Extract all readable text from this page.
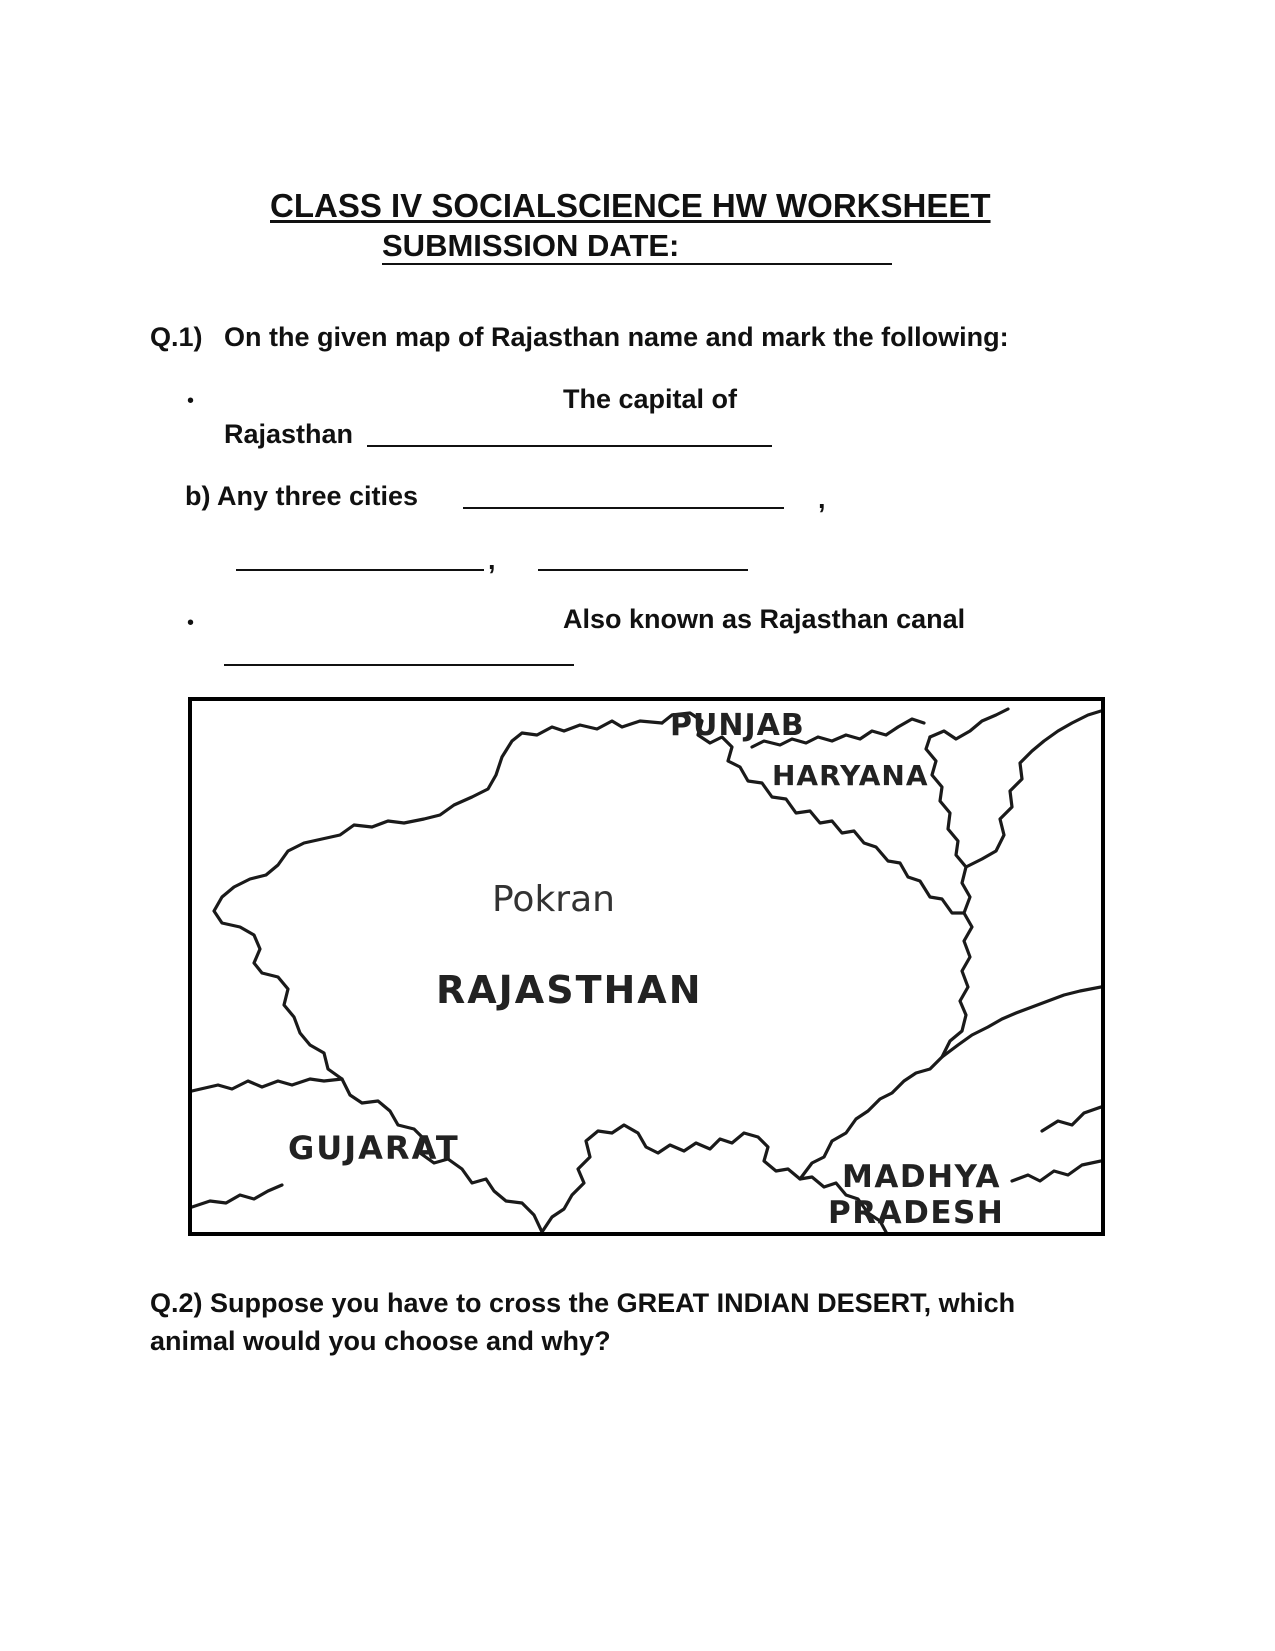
CLASS IV SOCIALSCIENCE HW WORKSHEET
SUBMISSION DATE:
Q.1) On the given map of Rajasthan name and mark the following:
•	The capital of
Rajasthan
b) Any three cities	,
,
•	Also known as Rajasthan canal
PUNJAB
HARYANA
Pokran
RAJASTHAN
GUJARAT
MADHYA
PRADESH
Q.2) Suppose you have to cross the GREAT INDIAN DESERT, which
animal would you choose and why?
